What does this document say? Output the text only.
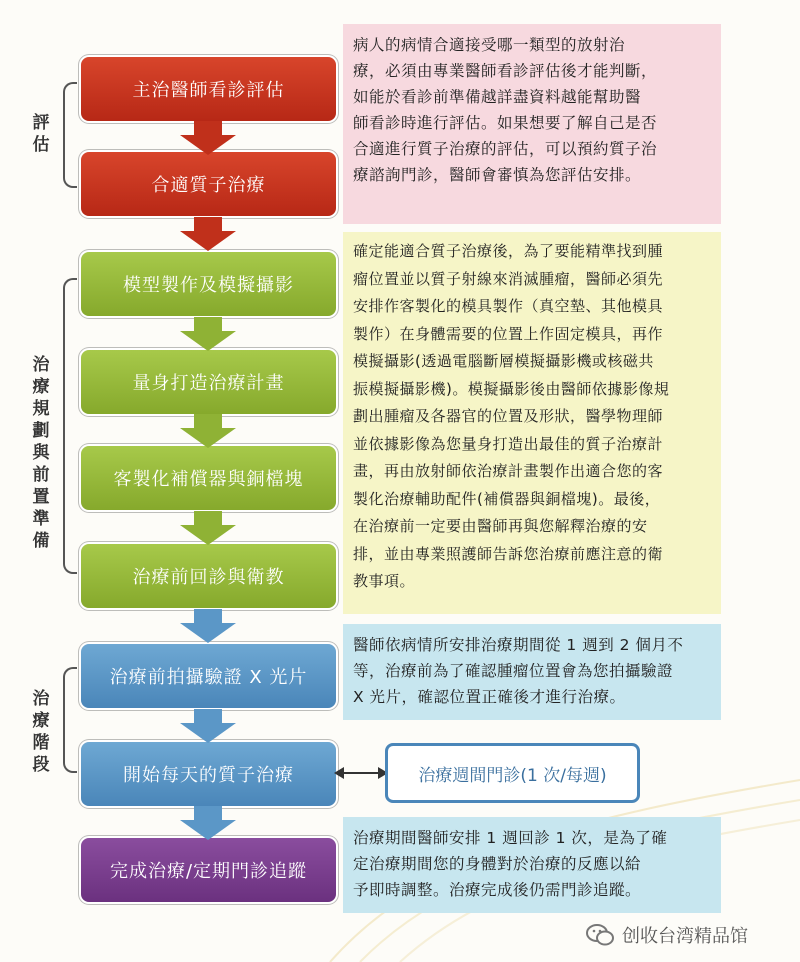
評
估
治
療
規
劃
與
前
置
準
備
治
療
階
段
主治醫師看診評估
合適質子治療
模型製作及模擬攝影
量身打造治療計畫
客製化補償器與銅檔塊
治療前回診與衛教
治療前拍攝驗證 X 光片
開始每天的質子治療
完成治療/定期門診追蹤
病人的病情合適接受哪一類型的放射治
療，必須由專業醫師看診評估後才能判斷，
如能於看診前準備越詳盡資料越能幫助醫
師看診時進行評估。如果想要了解自己是否
合適進行質子治療的評估，可以預約質子治
療諮詢門診，醫師會審慎為您評估安排。
確定能適合質子治療後，為了要能精準找到腫
瘤位置並以質子射線來消滅腫瘤，醫師必須先
安排作客製化的模具製作（真空墊、其他模具
製作）在身體需要的位置上作固定模具，再作
模擬攝影(透過電腦斷層模擬攝影機或核磁共
振模擬攝影機)。模擬攝影後由醫師依據影像規
劃出腫瘤及各器官的位置及形狀，醫學物理師
並依據影像為您量身打造出最佳的質子治療計
畫，再由放射師依治療計畫製作出適合您的客
製化治療輔助配件(補償器與銅檔塊)。最後，
在治療前一定要由醫師再與您解釋治療的安
排，並由專業照護師告訴您治療前應注意的衛
教事項。
醫師依病情所安排治療期間從 1 週到 2 個月不
等，治療前為了確認腫瘤位置會為您拍攝驗證
X 光片，確認位置正確後才進行治療。
治療期間醫師安排 1 週回診 1 次，是為了確
定治療期間您的身體對於治療的反應以給
予即時調整。治療完成後仍需門診追蹤。
治療週間門診(1 次/每週)
创收台湾精品馆
